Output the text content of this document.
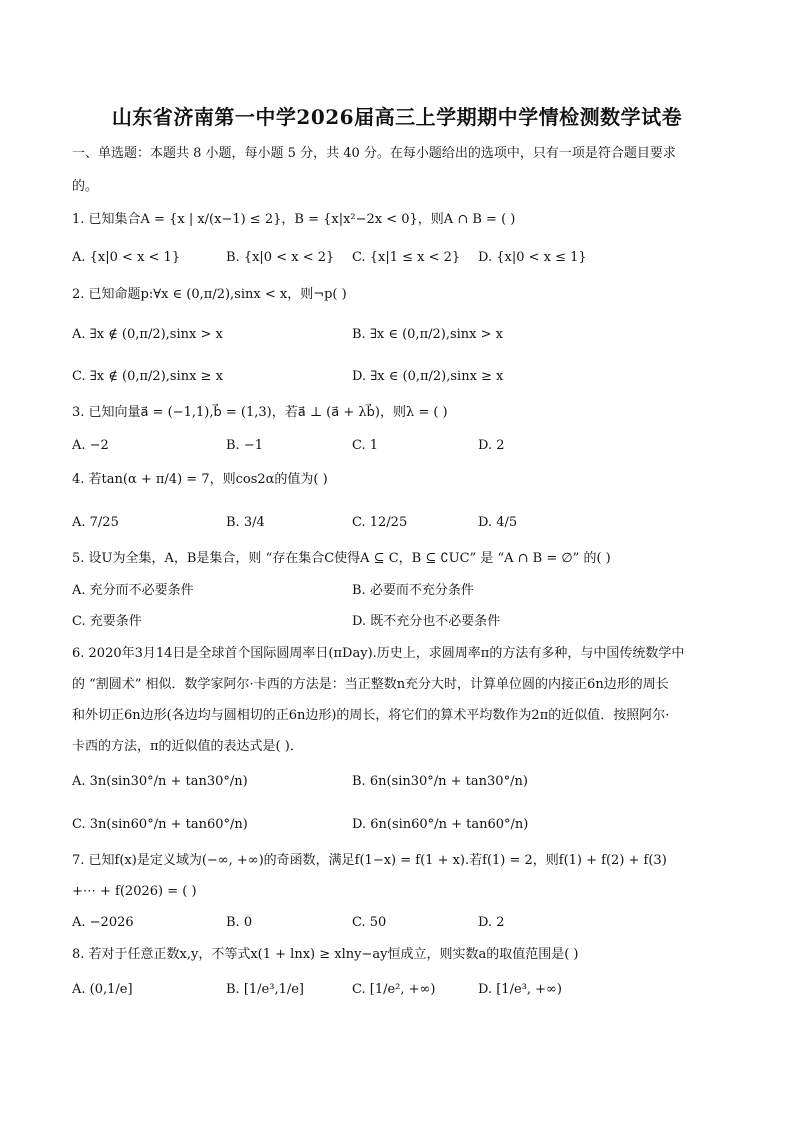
山东省济南第一中学2026届高三上学期期中学情检测数学试卷
一、单选题：本题共 8 小题，每小题 5 分，共 40 分。在每小题给出的选项中，只有一项是符合题目要求
的。
1. 已知集合A = {x | x/(x−1) ≤ 2}，B = {x|x²−2x < 0}，则A ∩ B = ( )
A. {x|0 < x < 1}	B. {x|0 < x < 2} C. {x|1 ≤ x < 2} D. {x|0 < x ≤ 1}
2. 已知命题p:∀x ∈ (0,π/2),sinx < x，则¬p( )
A. ∃x ∉ (0,π/2),sinx > x	B. ∃x ∈ (0,π/2),sinx > x
C. ∃x ∉ (0,π/2),sinx ≥ x	D. ∃x ∈ (0,π/2),sinx ≥ x
3. 已知向量a⃗ = (−1,1),b⃗ = (1,3)，若a⃗ ⊥ (a⃗ + λb⃗)，则λ = ( )
A. −2	B. −1	C. 1	D. 2
4. 若tan(α + π/4) = 7，则cos2α的值为( )
A. 7/25	B. 3/4	C. 12/25	D. 4/5
5. 设U为全集，A，B是集合，则 “存在集合C使得A ⊆ C，B ⊆ ∁UC” 是 “A ∩ B = ∅” 的( )
A. 充分而不必要条件	B. 必要而不充分条件
C. 充要条件	D. 既不充分也不必要条件
6. 2020年3月14日是全球首个国际圆周率日(πDay).历史上，求圆周率π的方法有多种，与中国传统数学中
的 “割圆术” 相似．数学家阿尔·卡西的方法是：当正整数n充分大时，计算单位圆的内接正6n边形的周长
和外切正6n边形(各边均与圆相切的正6n边形)的周长，将它们的算术平均数作为2π的近似值．按照阿尔·
卡西的方法，π的近似值的表达式是( )．
A. 3n(sin30°/n + tan30°/n)	B. 6n(sin30°/n + tan30°/n)
C. 3n(sin60°/n + tan60°/n)	D. 6n(sin60°/n + tan60°/n)
7. 已知f(x)是定义域为(−∞, +∞)的奇函数，满足f(1−x) = f(1 + x).若f(1) = 2，则f(1) + f(2) + f(3)
+⋯ + f(2026) = ( )
A. −2026	B. 0	C. 50	D. 2
8. 若对于任意正数x,y，不等式x(1 + lnx) ≥ xlny−ay恒成立，则实数a的取值范围是( )
A. (0,1/e]	B. [1/e³,1/e]	C. [1/e², +∞)	D. [1/e³, +∞)
